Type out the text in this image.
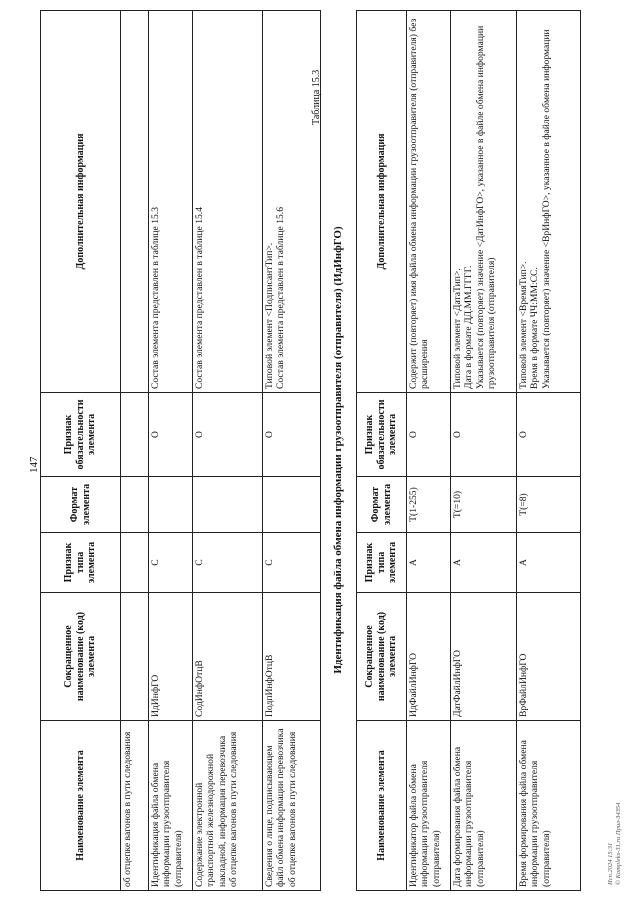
147
Наименование элемента	Сокращенное наименование (код) элемента	Признак типа элемента	Формат элемента	Признак обязательности элемента	Дополнительная информация
об отцепке вагонов в пути следования					
Идентификация файла обмена информации грузоотправителя (отправителя)	ИдИнфГО	С		О	Состав элемента представлен в таблице 15.3
Содержание электронной транспортной железнодорожной накладной, информация перевозчика об отцепке вагонов в пути следования	СодИнфОтцВ	С		О	Состав элемента представлен в таблице 15.4
Сведения о лице, подписывающем файл обмена информации перевозчика об отцепке вагонов в пути следования	ПодпИнфОтцВ	С		О	Типовой элемент <ПодписантТип>.
Состав элемента представлен в таблице 15.6
Таблица 15.3
Идентификация файла обмена информации грузоотправителя (отправителя) (ИдИнфГО)
Наименование элемента	Сокращенное наименование (код) элемента	Признак типа элемента	Формат элемента	Признак обязательности элемента	Дополнительная информация
Идентификатор файла обмена информации грузоотправителя (отправителя)	ИдФайлИнфГО	А	Т(1-255)	О	Содержит (повторяет) имя файла обмена информации грузоотправителя (отправителя) без расширения
Дата формирования файла обмена информации грузоотправителя (отправителя)	ДатФайлИнфГО	А	Т(=10)	О	Типовой элемент <ДатаТип>.
Дата в формате ДД.ММ.ГГГГ.
Указывается (повторяет) значение <ДатИнфГО>, указанное в файле обмена информации грузоотправителя (отправителя)
Время формирования файла обмена информации грузоотправителя (отправителя)	ВрФайлИнфГО	А	Т(=8)	О	Типовой элемент <ВремяТип>.
Время в формате ЧЧ:ММ:СС.
Указывается (повторяет) значение <ВрИнфГО>, указанное в файле обмена информации
Исп.2024 15:31 © Kompleks-31.ru Прил-34354
